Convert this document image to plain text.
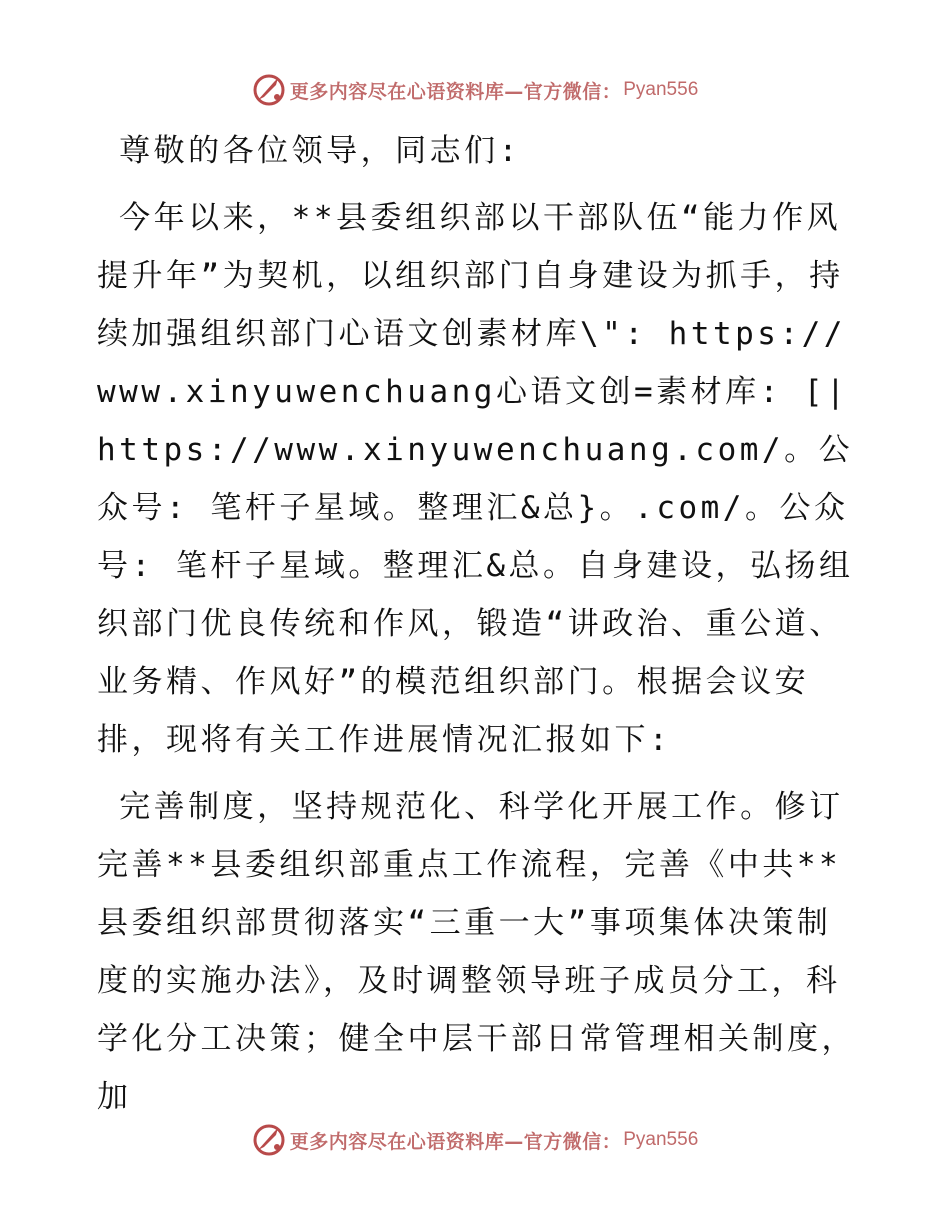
更多内容尽在心语资料库—官方微信： Pyan556

尊敬的各位领导，同志们:

今年以来，**县委组织部以干部队伍“能力作风提升年”为契机，以组织部门自身建设为抓手，持续加强组织部门心语文创素材库\": https://www.xinyuwenchuang心语文创=素材库: [|https://www.xinyuwenchuang.com/。公众号: 笔杆子星域。整理汇&总}。.com/。公众号: 笔杆子星域。整理汇&总。自身建设，弘扬组织部门优良传统和作风，锻造“讲政治、重公道、业务精、作风好”的模范组织部门。根据会议安排，现将有关工作进展情况汇报如下:

完善制度，坚持规范化、科学化开展工作。修订完善**县委组织部重点工作流程，完善《中共**县委组织部贯彻落实“三重一大”事项集体决策制度的实施办法》，及时调整领导班子成员分工，科学化分工决策；健全中层干部日常管理相关制度，加

更多内容尽在心语资料库—官方微信： Pyan556
